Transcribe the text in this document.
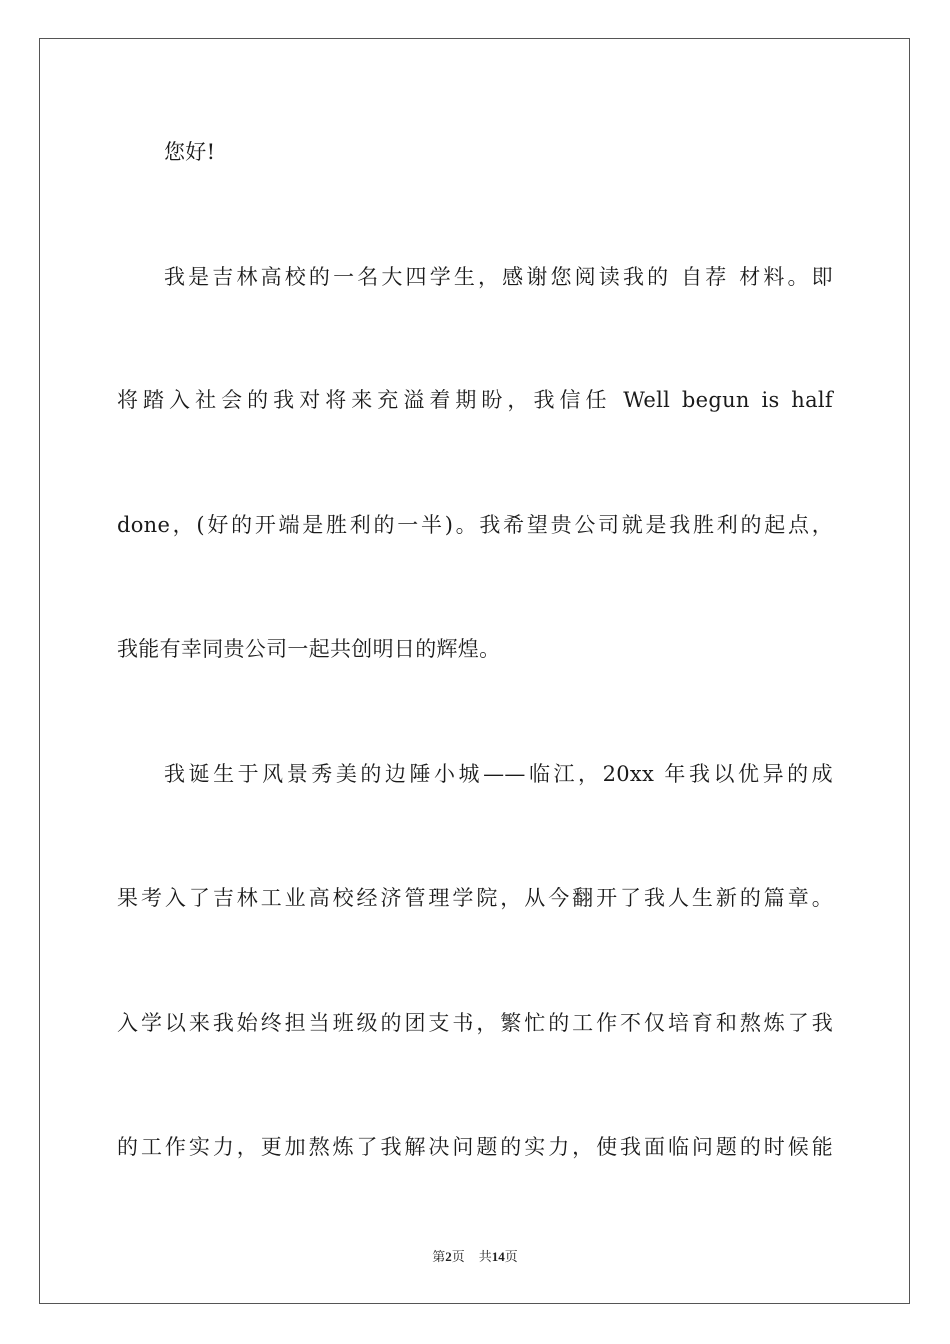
您好!
我是吉林高校的一名大四学生，感谢您阅读我的 自荐 材料。即
将踏入社会的我对将来充溢着期盼，我信任 Well begun is half
done，(好的开端是胜利的一半)。我希望贵公司就是我胜利的起点，
我能有幸同贵公司一起共创明日的辉煌。
我诞生于风景秀美的边陲小城——临江，20xx 年我以优异的成
果考入了吉林工业高校经济管理学院，从今翻开了我人生新的篇章。
入学以来我始终担当班级的团支书，繁忙的工作不仅培育和熬炼了我
的工作实力，更加熬炼了我解决问题的实力，使我面临问题的时候能
第2页 共14页
